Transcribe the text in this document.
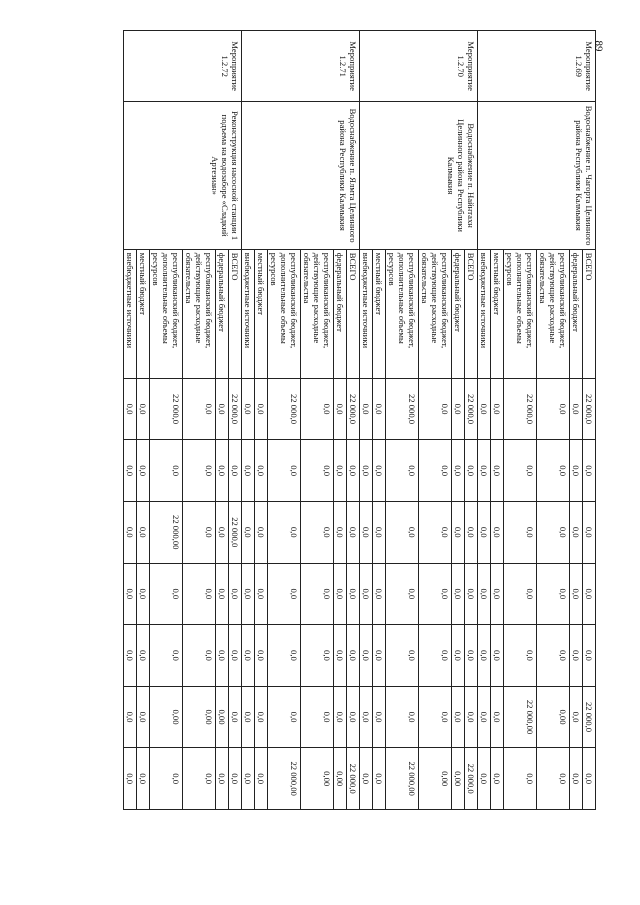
Мероприятие 1.2.69	Водоснабжение п. Чагорта Целинного района Республики Калмыкия	ВСЕГО	22 000,0	0,0	0,0	0,0	0,0	22 000,0	0,0
		федеральный бюджет	0,0	0,0	0,0	0,0	0,0	0,0	0,0
		республиканский бюджет, действующие расходные обязательства	0,0	0,0	0,0	0,0	0,0	0,00	0,0
		республиканский бюджет, дополнительные объемы ресурсов	22 000,0	0,0	0,0	0,0	0,0	22 000,00	0,0
		местный бюджет	0,0	0,0	0,0	0,0	0,0	0,0	0,0
		внебюджетные источники	0,0	0,0	0,0	0,0	0,0	0,0	0,0
Мероприятие 1.2.70	Водоснабжение п. Найнтахн Целинного района Республики Калмыкия	ВСЕГО	22 000,0	0,0	0,0	0,0	0,0	0,0	22 000,0
		федеральный бюджет	0,0	0,0	0,0	0,0	0,0	0,0	0,00
		республиканский бюджет, действующие расходные обязательства	0,0	0,0	0,0	0,0	0,0	0,0	0,00
		республиканский бюджет, дополнительные объемы ресурсов	22 000,0	0,0	0,0	0,0	0,0	0,0	22 000,00
		местный бюджет	0,0	0,0	0,0	0,0	0,0	0,0	0,0
		внебюджетные источники	0,0	0,0	0,0	0,0	0,0	0,0	0,0
Мероприятие 1.2.71	Водоснабжение п. Ялмта Целинного района Республики Калмыкия	ВСЕГО	22 000,0	0,0	0,0	0,0	0,0	0,0	22 000,0
		федеральный бюджет	0,0	0,0	0,0	0,0	0,0	0,0	0,00
		республиканский бюджет, действующие расходные обязательства	0,0	0,0	0,0	0,0	0,0	0,0	0,00
		республиканский бюджет, дополнительные объемы ресурсов	22 000,0	0,0	0,0	0,0	0,0	0,0	22 000,00
		местный бюджет	0,0	0,0	0,0	0,0	0,0	0,0	0,0
		внебюджетные источники	0,0	0,0	0,0	0,0	0,0	0,0	0,0
Мероприятие 1.2.72	Реконструкция насосной станции 1 подъема на водозаборе «Сладкий Артезиан»	ВСЕГО	22 000,0	0,0	22 000,0	0,0	0,0	0,0	0,0
		федеральный бюджет	0,0	0,0	0,0	0,0	0,0	0,00	0,0
		республиканский бюджет, действующие расходные обязательства	0,0	0,0	0,0	0,0	0,0	0,00	0,0
		республиканский бюджет, дополнительные объемы ресурсов	22 000,0	0,0	22 000,00	0,0	0,0	0,00	0,0
		местный бюджет	0,0	0,0	0,0	0,0	0,0	0,0	0,0
		внебюджетные источники	0,0	0,0	0,0	0,0	0,0	0,0	0,0
89
